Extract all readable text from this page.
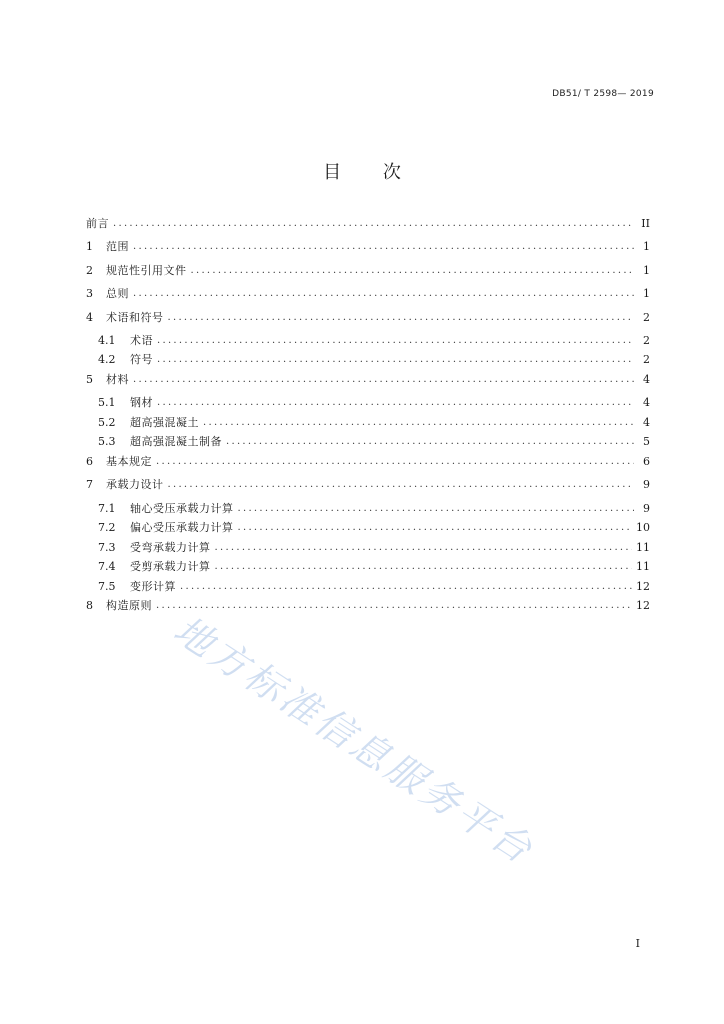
DB51/ T 2598— 2019
目 次
前言 .....	II
1	范围 .....	1
2	规范性引用文件 .....	1
3	总则 .....	1
4	术语和符号 .....	2
4.1	术语 .....	2
4.2	符号 .....	2
5	材料 .....	4
5.1	钢材 .....	4
5.2	超高强混凝土 .....	4
5.3	超高强混凝土制备 .....	5
6	基本规定 .....	6
7	承载力设计 .....	9
7.1	轴心受压承载力计算 .....	9
7.2	偏心受压承载力计算 .....	10
7.3	受弯承载力计算 .....	11
7.4	受剪承载力计算 .....	11
7.5	变形计算 .....	12
8	构造原则 .....	12
地方标准信息服务平台
I
